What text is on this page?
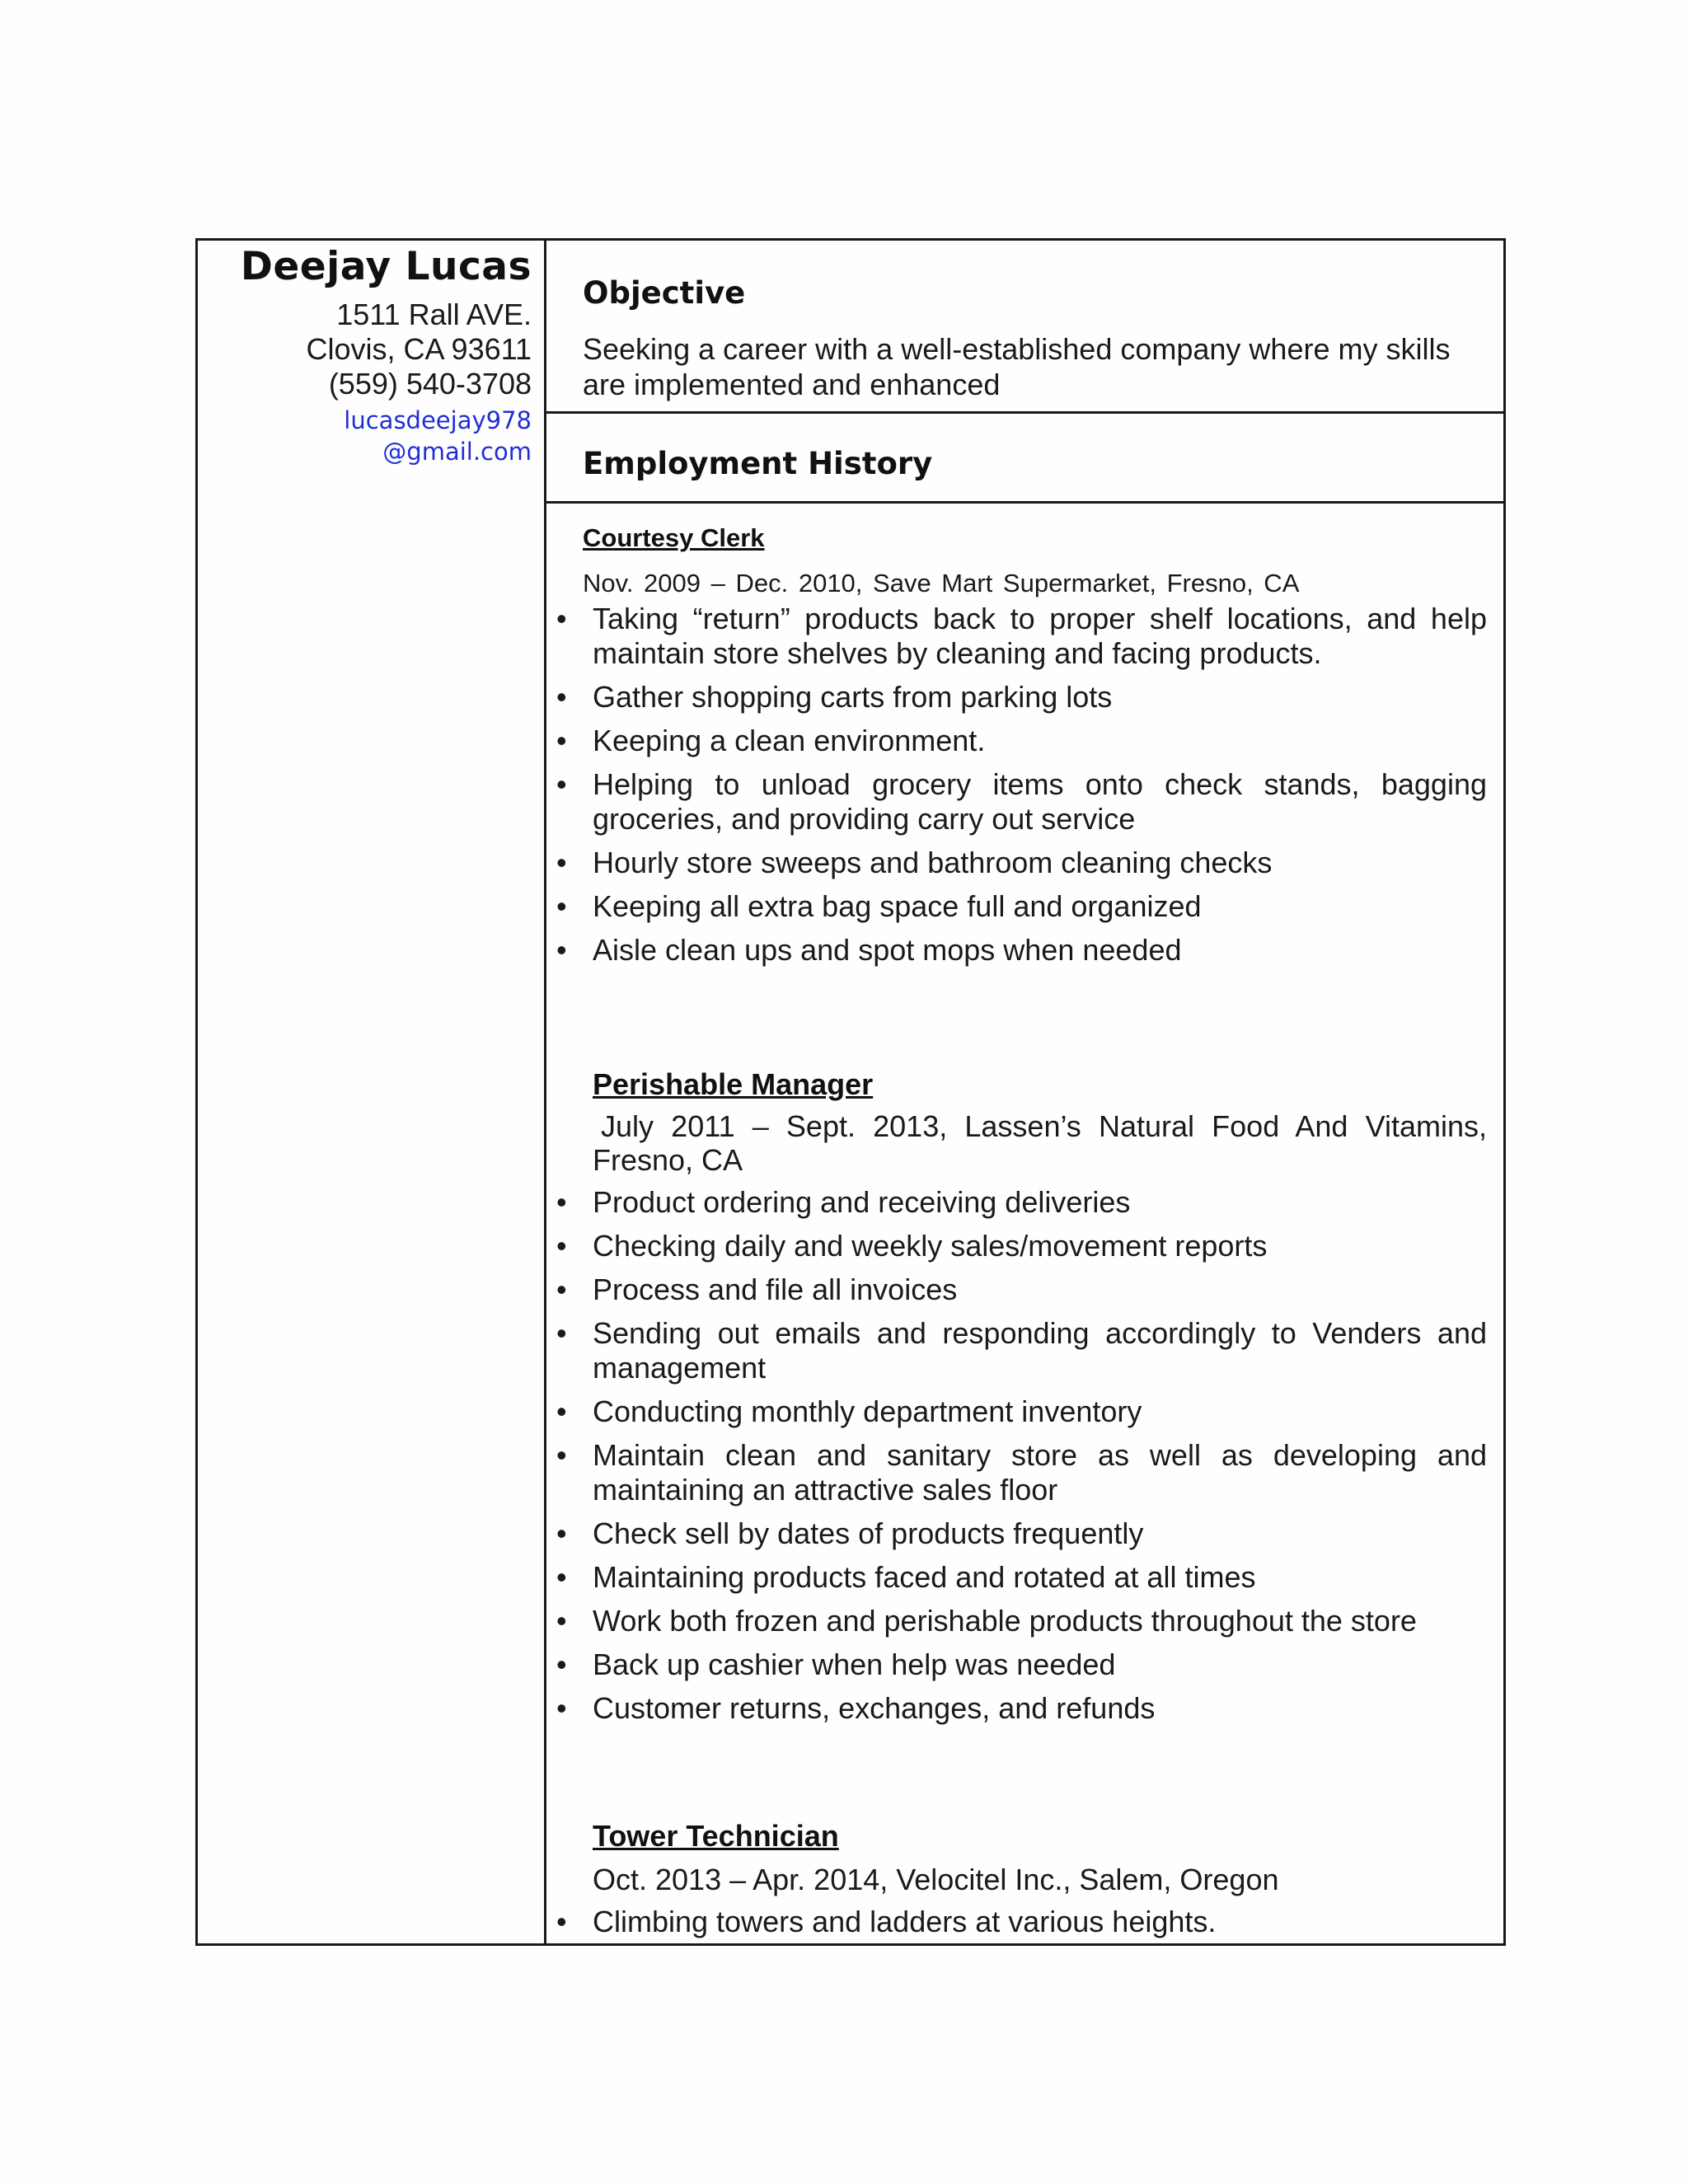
Deejay Lucas
1511 Rall AVE.
Clovis, CA 93611
(559) 540-3708
lucasdeejay978
@gmail.com
Objective
Seeking a career with a well-established company where my skills are implemented and enhanced
Employment History
Courtesy Clerk
Nov. 2009 – Dec. 2010, Save Mart Supermarket, Fresno, CA
• Taking “return” products back to proper shelf locations, and help maintain store shelves by cleaning and facing products.
• Gather shopping carts from parking lots
• Keeping a clean environment.
• Helping to unload grocery items onto check stands, bagging groceries, and providing carry out service
• Hourly store sweeps and bathroom cleaning checks
• Keeping all extra bag space full and organized
• Aisle clean ups and spot mops when needed
Perishable Manager
July 2011 – Sept. 2013, Lassen’s Natural Food And Vitamins, Fresno, CA
• Product ordering and receiving deliveries
• Checking daily and weekly sales/movement reports
• Process and file all invoices
• Sending out emails and responding accordingly to Venders and management
• Conducting monthly department inventory
• Maintain clean and sanitary store as well as developing and maintaining an attractive sales floor
• Check sell by dates of products frequently
• Maintaining products faced and rotated at all times
• Work both frozen and perishable products throughout the store
• Back up cashier when help was needed
• Customer returns, exchanges, and refunds
Tower Technician
Oct. 2013 – Apr. 2014, Velocitel Inc., Salem, Oregon
• Climbing towers and ladders at various heights.
